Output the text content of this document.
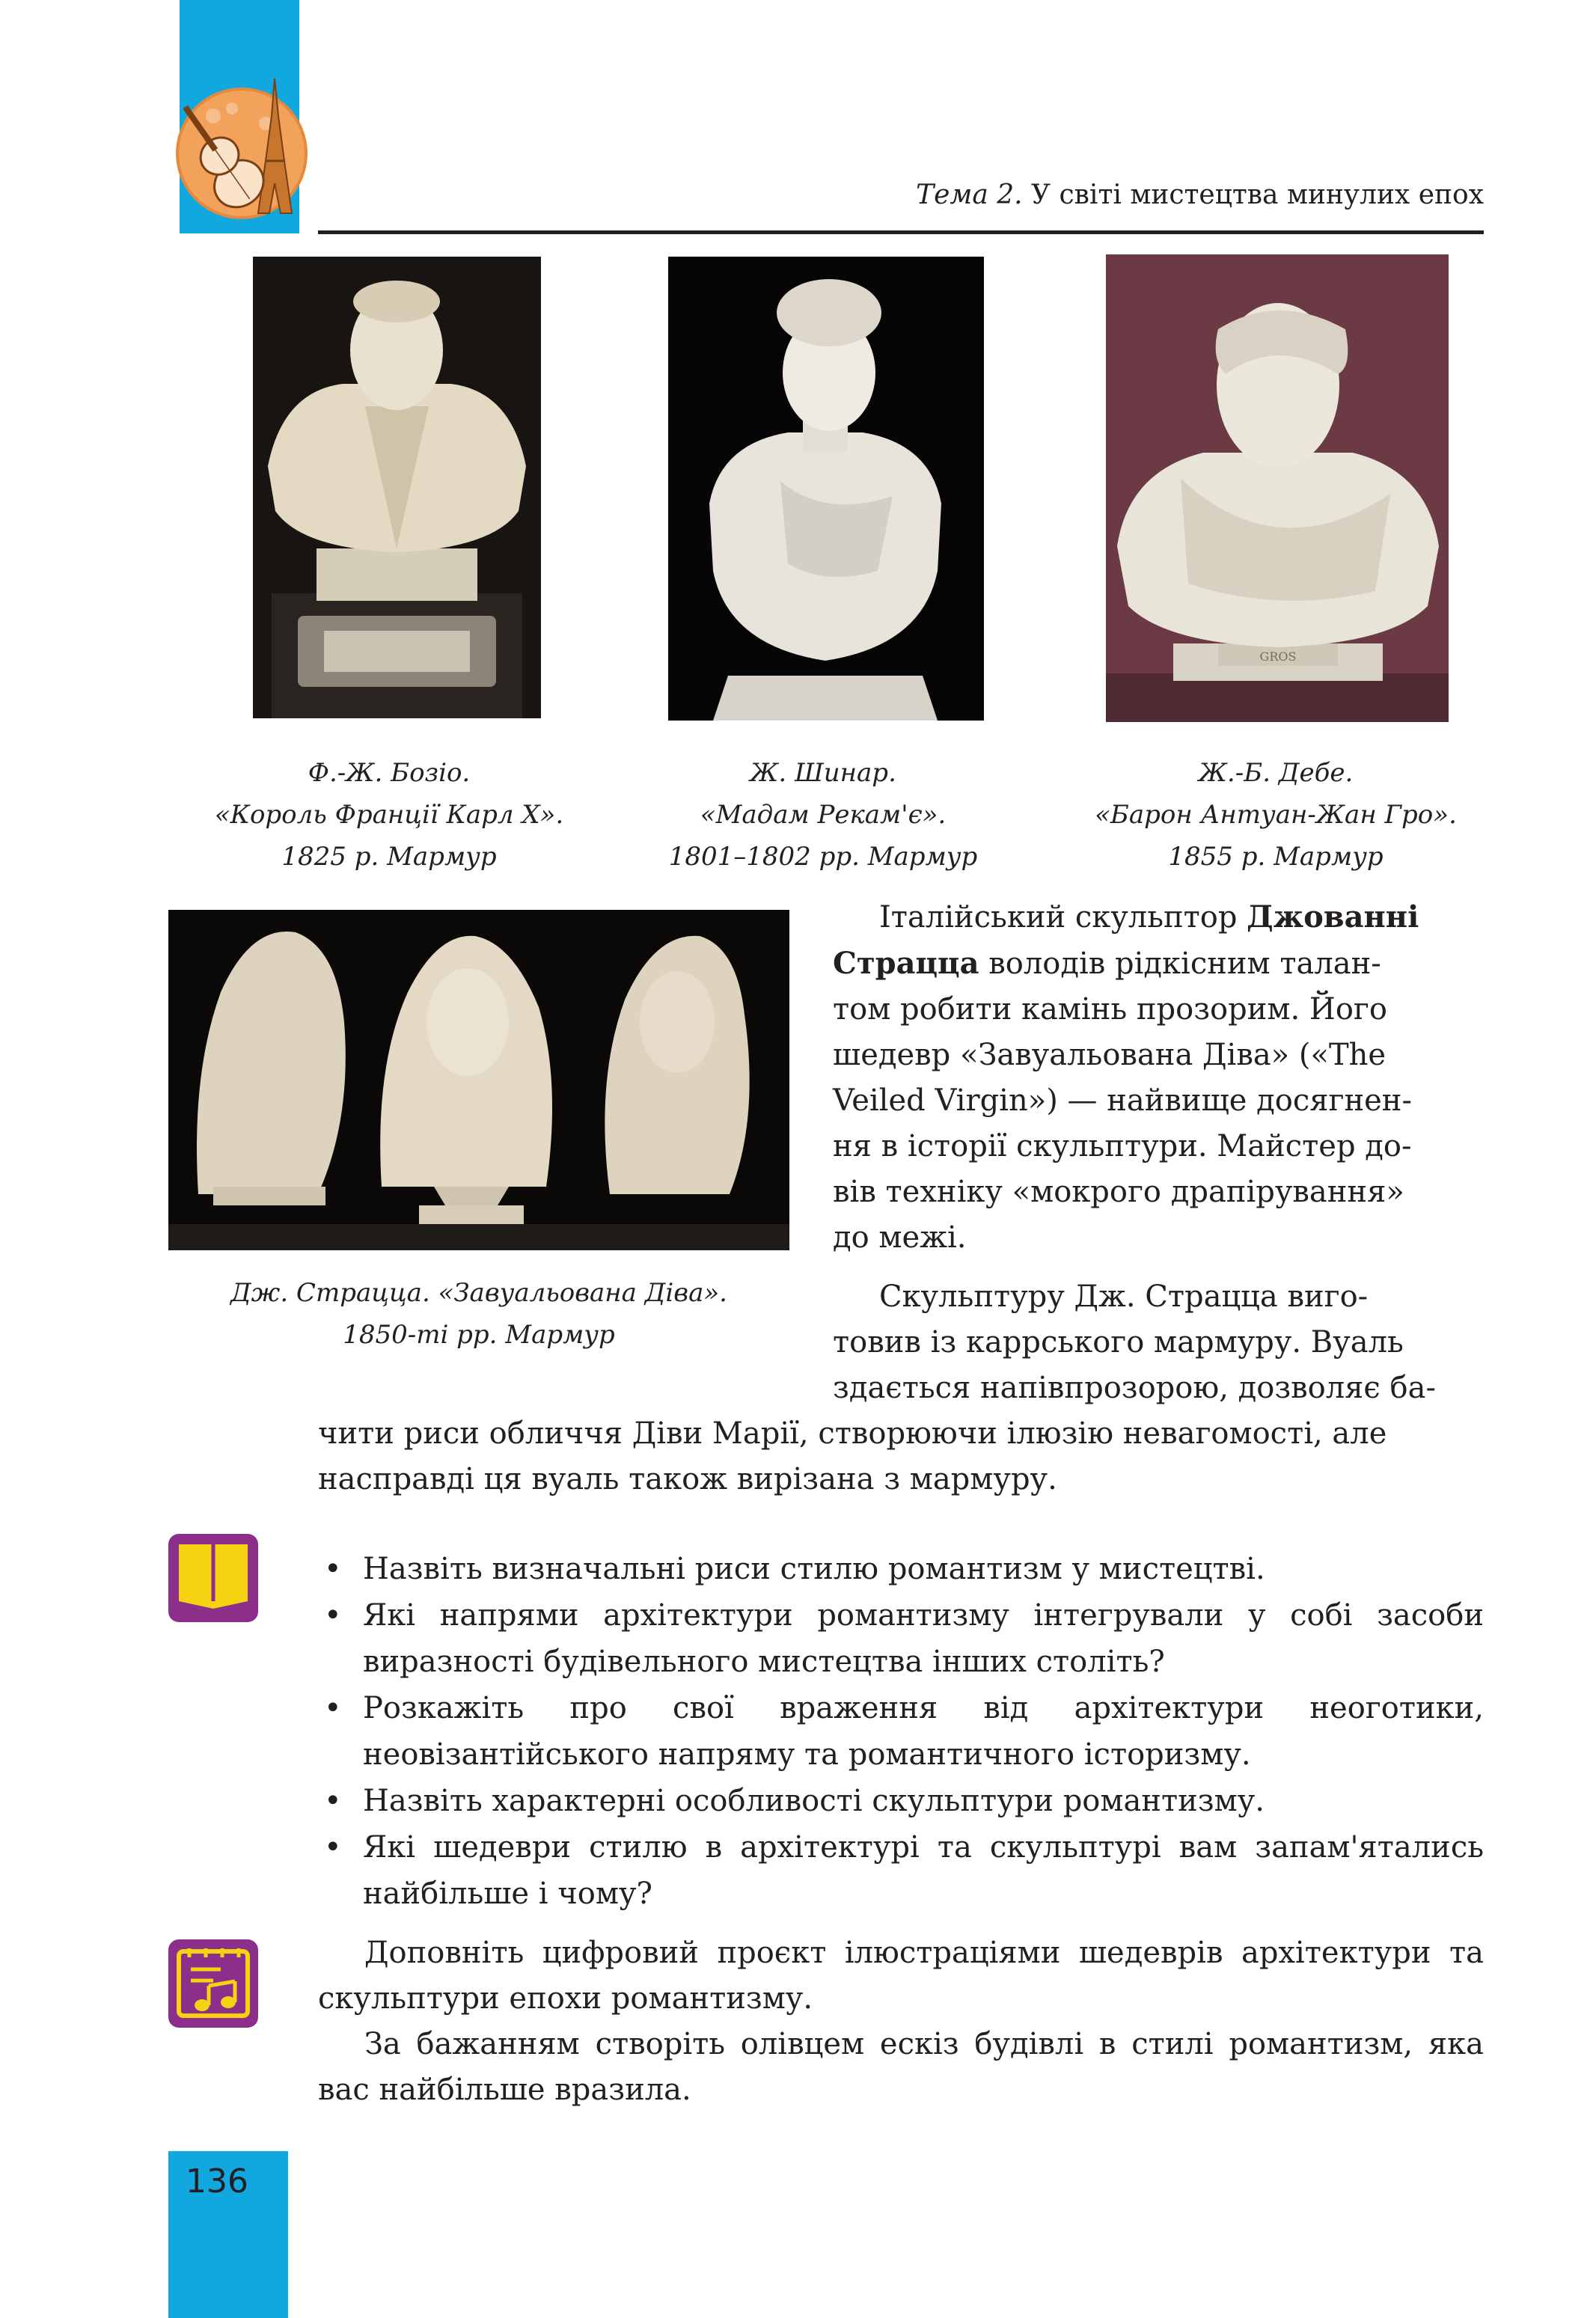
Тема 2. У світі мистецтва минулих епох
GROS
Ф.-Ж. Бозіо.
«Король Франції Карл Х».
1825 р. Мармур
Ж. Шинар.
«Мадам Рекам'є».
1801–1802 рр. Мармур
Ж.-Б. Дебе.
«Барон Антуан-Жан Гро».
1855 р. Мармур
Дж. Страцца. «Завуальована Діва».
1850-ті рр. Мармур
Італійський скульптор Джованні
Страцца володів рідкісним талан-
том робити камінь прозорим. Його
шедевр «Завуальована Діва» («The
Veiled Virgin») — найвище досягнен-
ня в історії скульптури. Майстер до-
вів техніку «мокрого драпірування»
до межі.
Скульптуру Дж. Страцца виго-
товив із каррського мармуру. Вуаль
здається напівпрозорою, дозволяє ба-
чити риси обличчя Діви Марії, створюючи ілюзію невагомості, але
насправді ця вуаль також вирізана з мармуру.
• Назвіть визначальні риси стилю романтизм у мистецтві.
• Які напрями архітектури романтизму інтегрували у собі засоби виразності будівельного мистецтва інших століть?
• Розкажіть про свої враження від архітектури неоготики, неовізантійського напряму та романтичного історизму.
• Назвіть характерні особливості скульптури романтизму.
• Які шедеври стилю в архітектурі та скульптурі вам запам'ятались найбільше і чому?
Доповніть цифровий проєкт ілюстраціями шедеврів архітектури та скульптури епохи романтизму.
За бажанням створіть олівцем ескіз будівлі в стилі романтизм, яка вас найбільше вразила.
136
